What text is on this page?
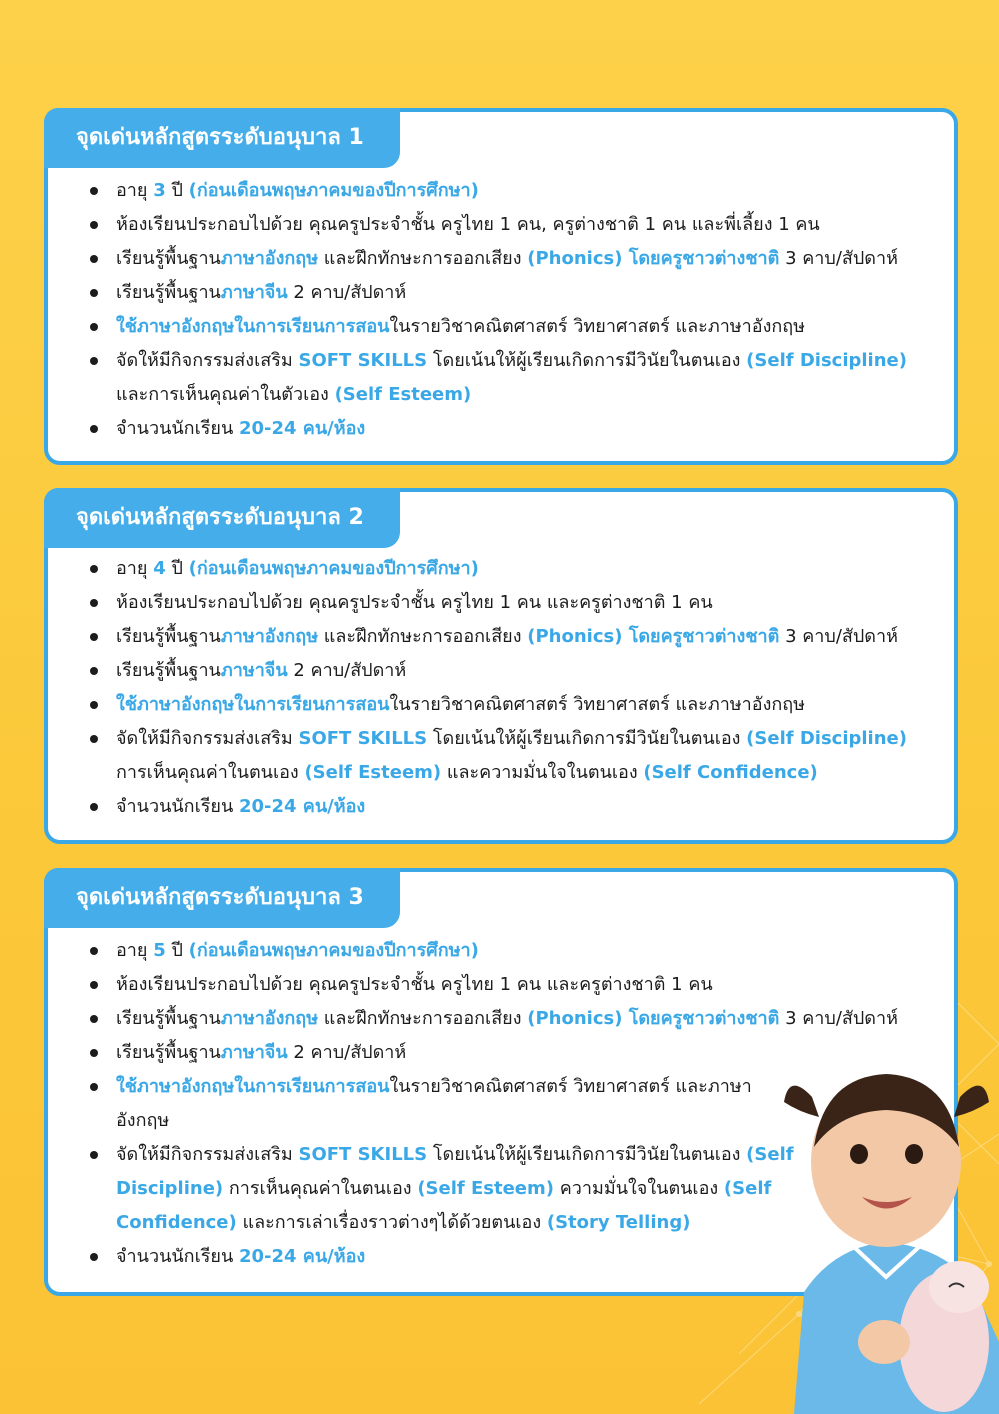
จุดเด่นหลักสูตรระดับอนุบาล 1
อายุ 3 ปี (ก่อนเดือนพฤษภาคมของปีการศึกษา)
ห้องเรียนประกอบไปด้วย คุณครูประจำชั้น ครูไทย 1 คน, ครูต่างชาติ 1 คน และพี่เลี้ยง 1 คน
เรียนรู้พื้นฐานภาษาอังกฤษ และฝึกทักษะการออกเสียง (Phonics) โดยครูชาวต่างชาติ 3 คาบ/สัปดาห์
เรียนรู้พื้นฐานภาษาจีน 2 คาบ/สัปดาห์
ใช้ภาษาอังกฤษในการเรียนการสอนในรายวิชาคณิตศาสตร์ วิทยาศาสตร์ และภาษาอังกฤษ
จัดให้มีกิจกรรมส่งเสริม SOFT SKILLS โดยเน้นให้ผู้เรียนเกิดการมีวินัยในตนเอง (Self Discipline) และการเห็นคุณค่าในตัวเอง (Self Esteem)
จำนวนนักเรียน 20-24 คน/ห้อง
จุดเด่นหลักสูตรระดับอนุบาล 2
อายุ 4 ปี (ก่อนเดือนพฤษภาคมของปีการศึกษา)
ห้องเรียนประกอบไปด้วย คุณครูประจำชั้น ครูไทย 1 คน และครูต่างชาติ 1 คน
เรียนรู้พื้นฐานภาษาอังกฤษ และฝึกทักษะการออกเสียง (Phonics) โดยครูชาวต่างชาติ 3 คาบ/สัปดาห์
เรียนรู้พื้นฐานภาษาจีน 2 คาบ/สัปดาห์
ใช้ภาษาอังกฤษในการเรียนการสอนในรายวิชาคณิตศาสตร์ วิทยาศาสตร์ และภาษาอังกฤษ
จัดให้มีกิจกรรมส่งเสริม SOFT SKILLS โดยเน้นให้ผู้เรียนเกิดการมีวินัยในตนเอง (Self Discipline) การเห็นคุณค่าในตนเอง (Self Esteem) และความมั่นใจในตนเอง (Self Confidence)
จำนวนนักเรียน 20-24 คน/ห้อง
จุดเด่นหลักสูตรระดับอนุบาล 3
อายุ 5 ปี (ก่อนเดือนพฤษภาคมของปีการศึกษา)
ห้องเรียนประกอบไปด้วย คุณครูประจำชั้น ครูไทย 1 คน และครูต่างชาติ 1 คน
เรียนรู้พื้นฐานภาษาอังกฤษ และฝึกทักษะการออกเสียง (Phonics) โดยครูชาวต่างชาติ 3 คาบ/สัปดาห์
เรียนรู้พื้นฐานภาษาจีน 2 คาบ/สัปดาห์
ใช้ภาษาอังกฤษในการเรียนการสอนในรายวิชาคณิตศาสตร์ วิทยาศาสตร์ และภาษาอังกฤษ
จัดให้มีกิจกรรมส่งเสริม SOFT SKILLS โดยเน้นให้ผู้เรียนเกิดการมีวินัยในตนเอง (Self Discipline) การเห็นคุณค่าในตนเอง (Self Esteem) ความมั่นใจในตนเอง (Self Confidence) และการเล่าเรื่องราวต่างๆได้ด้วยตนเอง (Story Telling)
จำนวนนักเรียน 20-24 คน/ห้อง
